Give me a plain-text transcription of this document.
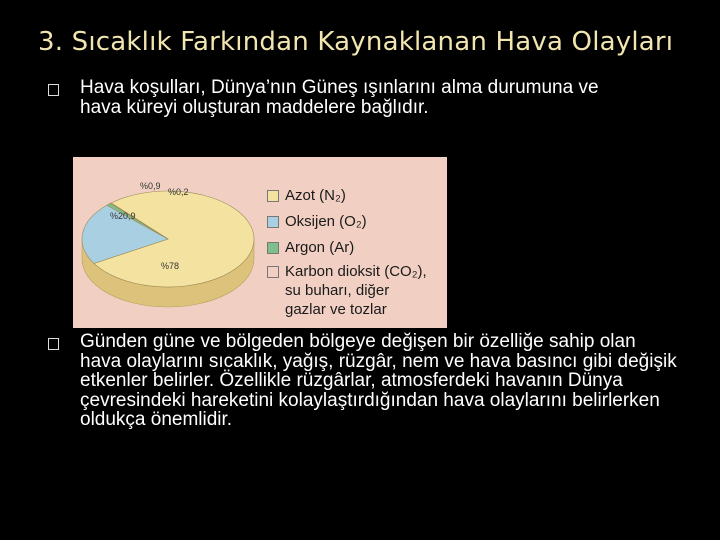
3. Sıcaklık Farkından Kaynaklanan Hava Olayları
Hava koşulları, Dünya’nın Güneş ışınlarını alma durumuna ve hava küreyi oluşturan maddelere bağlıdır.
%78
%20,9
%0,9
%0,2	Azot (N₂)
Oksijen (O₂)
Argon (Ar)
Karbon dioksit (CO₂),
su buharı, diğer
gazlar ve tozlar
Günden güne ve bölgeden bölgeye değişen bir özelliğe sahip olan hava olaylarını sıcaklık, yağış, rüzgâr, nem ve hava basıncı gibi değişik etkenler belirler. Özellikle rüzgârlar, atmosferdeki havanın Dünya çevresindeki hareketini kolaylaştırdığından hava olaylarını belirlerken oldukça önemlidir.
